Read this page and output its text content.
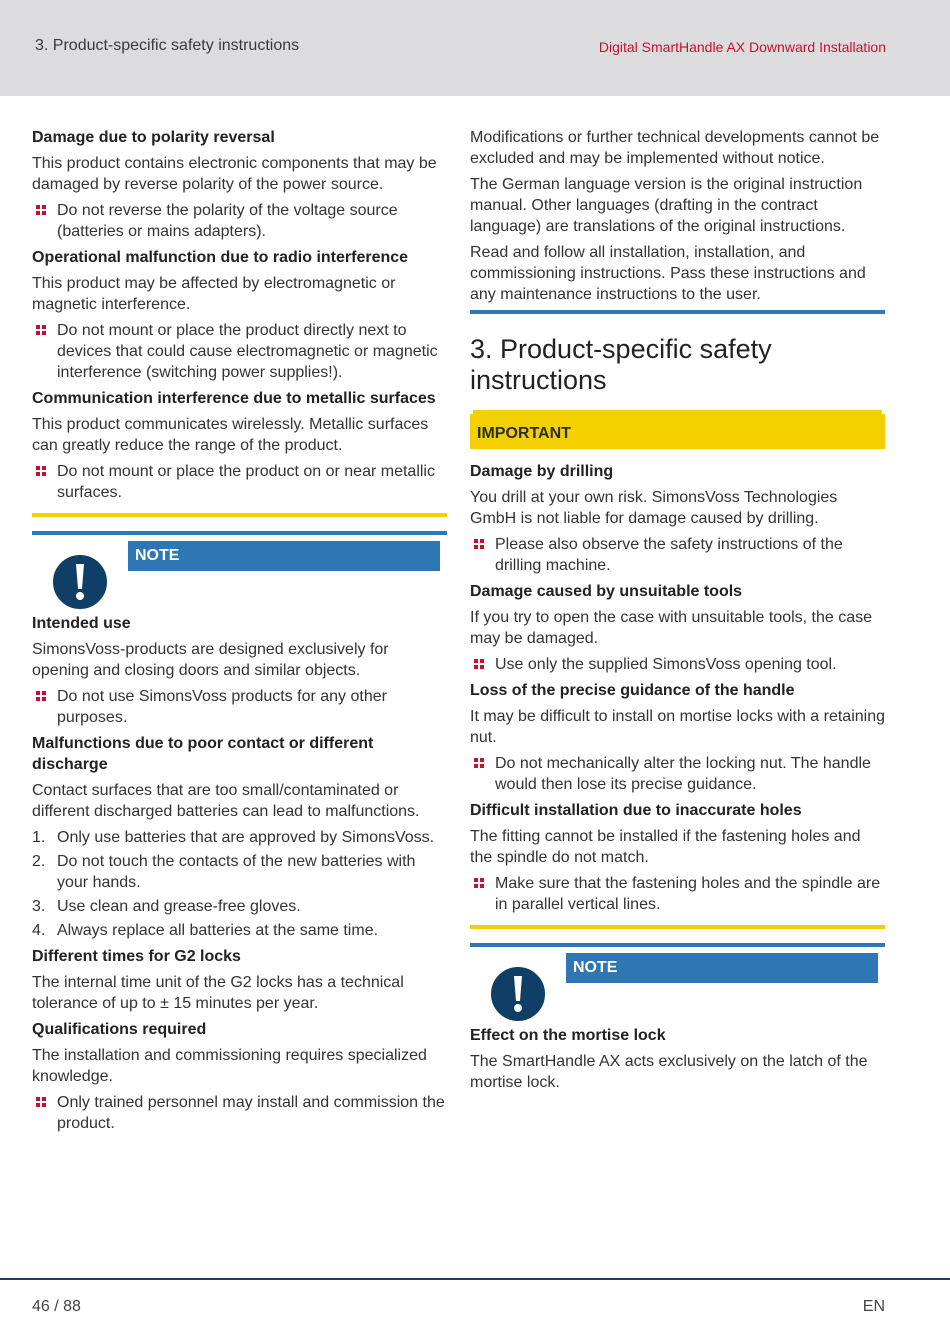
3. Product-specific safety instructions	Digital SmartHandle AX Downward Installation
Damage due to polarity reversal
This product contains electronic components that may be damaged by reverse polarity of the power source.
Do not reverse the polarity of the voltage source (batteries or mains adapters).
Operational malfunction due to radio interference
This product may be affected by electromagnetic or magnetic interference.
Do not mount or place the product directly next to devices that could cause electromagnetic or magnetic interference (switching power supplies!).
Communication interference due to metallic surfaces
This product communicates wirelessly. Metallic surfaces can greatly reduce the range of the product.
Do not mount or place the product on or near metallic surfaces.
NOTE
Intended use
SimonsVoss-products are designed exclusively for opening and closing doors and similar objects.
Do not use SimonsVoss products for any other purposes.
Malfunctions due to poor contact or different discharge
Contact surfaces that are too small/contaminated or different discharged batteries can lead to malfunctions.
1. Only use batteries that are approved by SimonsVoss.
2. Do not touch the contacts of the new batteries with your hands.
3. Use clean and grease-free gloves.
4. Always replace all batteries at the same time.
Different times for G2 locks
The internal time unit of the G2 locks has a technical tolerance of up to ± 15 minutes per year.
Qualifications required
The installation and commissioning requires specialized knowledge.
Only trained personnel may install and commission the product.
Modifications or further technical developments cannot be excluded and may be implemented without notice.
The German language version is the original instruction manual. Other languages (drafting in the contract language) are translations of the original instructions.
Read and follow all installation, installation, and commissioning instructions. Pass these instructions and any maintenance instructions to the user.
3. Product-specific safety instructions
IMPORTANT
Damage by drilling
You drill at your own risk. SimonsVoss Technologies GmbH is not liable for damage caused by drilling.
Please also observe the safety instructions of the drilling machine.
Damage caused by unsuitable tools
If you try to open the case with unsuitable tools, the case may be damaged.
Use only the supplied SimonsVoss opening tool.
Loss of the precise guidance of the handle
It may be difficult to install on mortise locks with a retaining nut.
Do not mechanically alter the locking nut. The handle would then lose its precise guidance.
Difficult installation due to inaccurate holes
The fitting cannot be installed if the fastening holes and the spindle do not match.
Make sure that the fastening holes and the spindle are in parallel vertical lines.
NOTE
Effect on the mortise lock
The SmartHandle AX acts exclusively on the latch of the mortise lock.
46 / 88	EN
